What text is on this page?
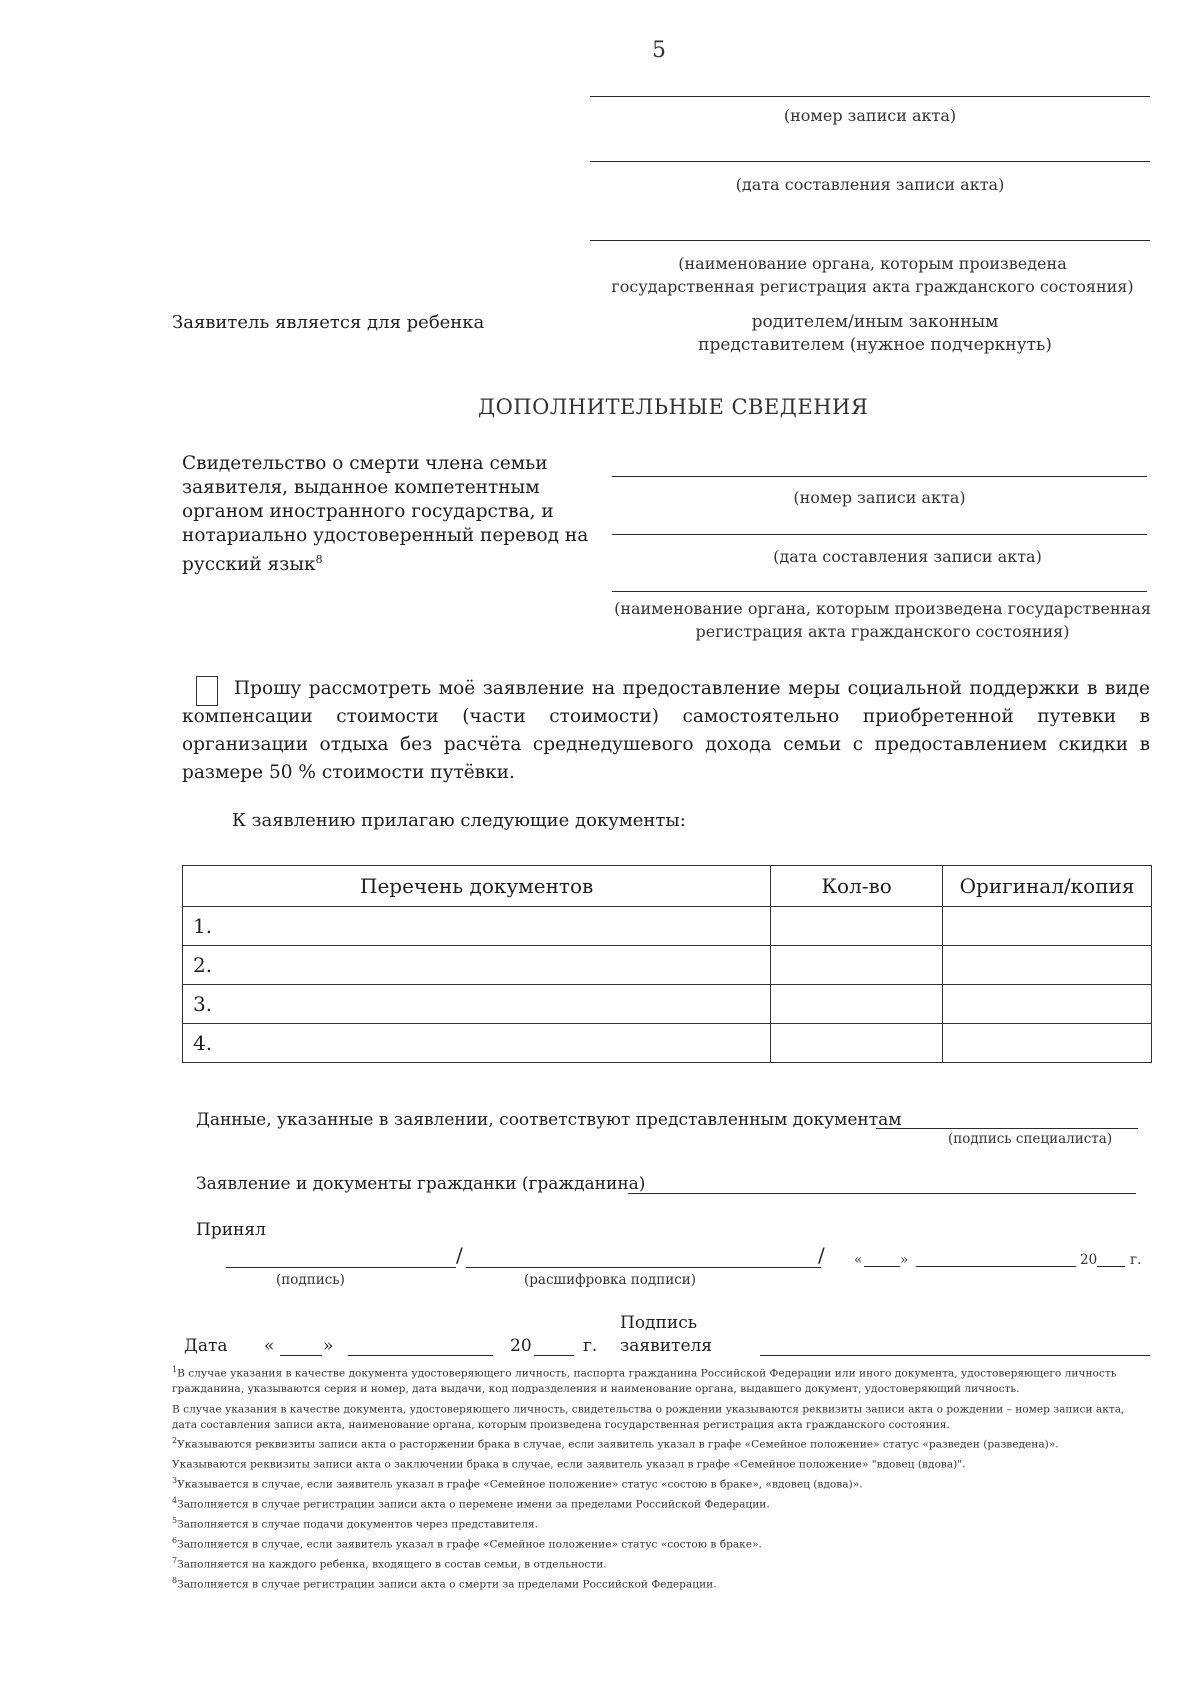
5
(номер записи акта)
(дата составления записи акта)
(наименование органа, которым произведена государственная регистрация акта гражданского состояния)
Заявитель является для ребенка	родителем/иным законным представителем (нужное подчеркнуть)
ДОПОЛНИТЕЛЬНЫЕ СВЕДЕНИЯ
Свидетельство о смерти члена семьи заявителя, выданное компетентным органом иностранного государства, и нотариально удостоверенный перевод на русский язык$^8$
(номер записи акта)
(дата составления записи акта)
(наименование органа, которым произведена государственная регистрация акта гражданского состояния)
Прошу рассмотреть моё заявление на предоставление меры социальной поддержки в виде компенсации стоимости (части стоимости) самостоятельно приобретенной путевки в организации отдыха без расчёта среднедушевого дохода семьи с предоставлением скидки в размере 50 % стоимости путёвки.
К заявлению прилагаю следующие документы:
Перечень документов	Кол-во	Оригинал/копия
1.		
2.		
3.		
4.		
Данные, указанные в заявлении, соответствуют представленным документам
(подпись специалиста)
Заявление и документы гражданки (гражданина)
Принял
/	/
(подпись)	(расшифровка подписи)
«	»	20 г.
Подпись
Дата «	»	20	г. заявителя
$^1$В случае указания в качестве документа удостоверяющего личность, паспорта гражданина Российской Федерации или иного документа, удостоверяющего личность гражданина, указываются серия и номер, дата выдачи, код подразделения и наименование органа, выдавшего документ, удостоверяющий личность.
В случае указания в качестве документа, удостоверяющего личность, свидетельства о рождении указываются реквизиты записи акта о рождении – номер записи акта, дата составления записи акта, наименование органа, которым произведена государственная регистрация акта гражданского состояния.
$^2$Указываются реквизиты записи акта о расторжении брака в случае, если заявитель указал в графе «Семейное положение» статус «разведен (разведена)».
Указываются реквизиты записи акта о заключении брака в случае, если заявитель указал в графе «Семейное положение» "вдовец (вдова)".
$^3$Указывается в случае, если заявитель указал в графе «Семейное положение» статус «состою в браке», «вдовец (вдова)».
$^4$Заполняется в случае регистрации записи акта о перемене имени за пределами Российской Федерации.
$^5$Заполняется в случае подачи документов через представителя.
$^6$Заполняется в случае, если заявитель указал в графе «Семейное положение» статус «состою в браке».
$^7$Заполняется на каждого ребенка, входящего в состав семьи, в отдельности.
$^8$Заполняется в случае регистрации записи акта о смерти за пределами Российской Федерации.
